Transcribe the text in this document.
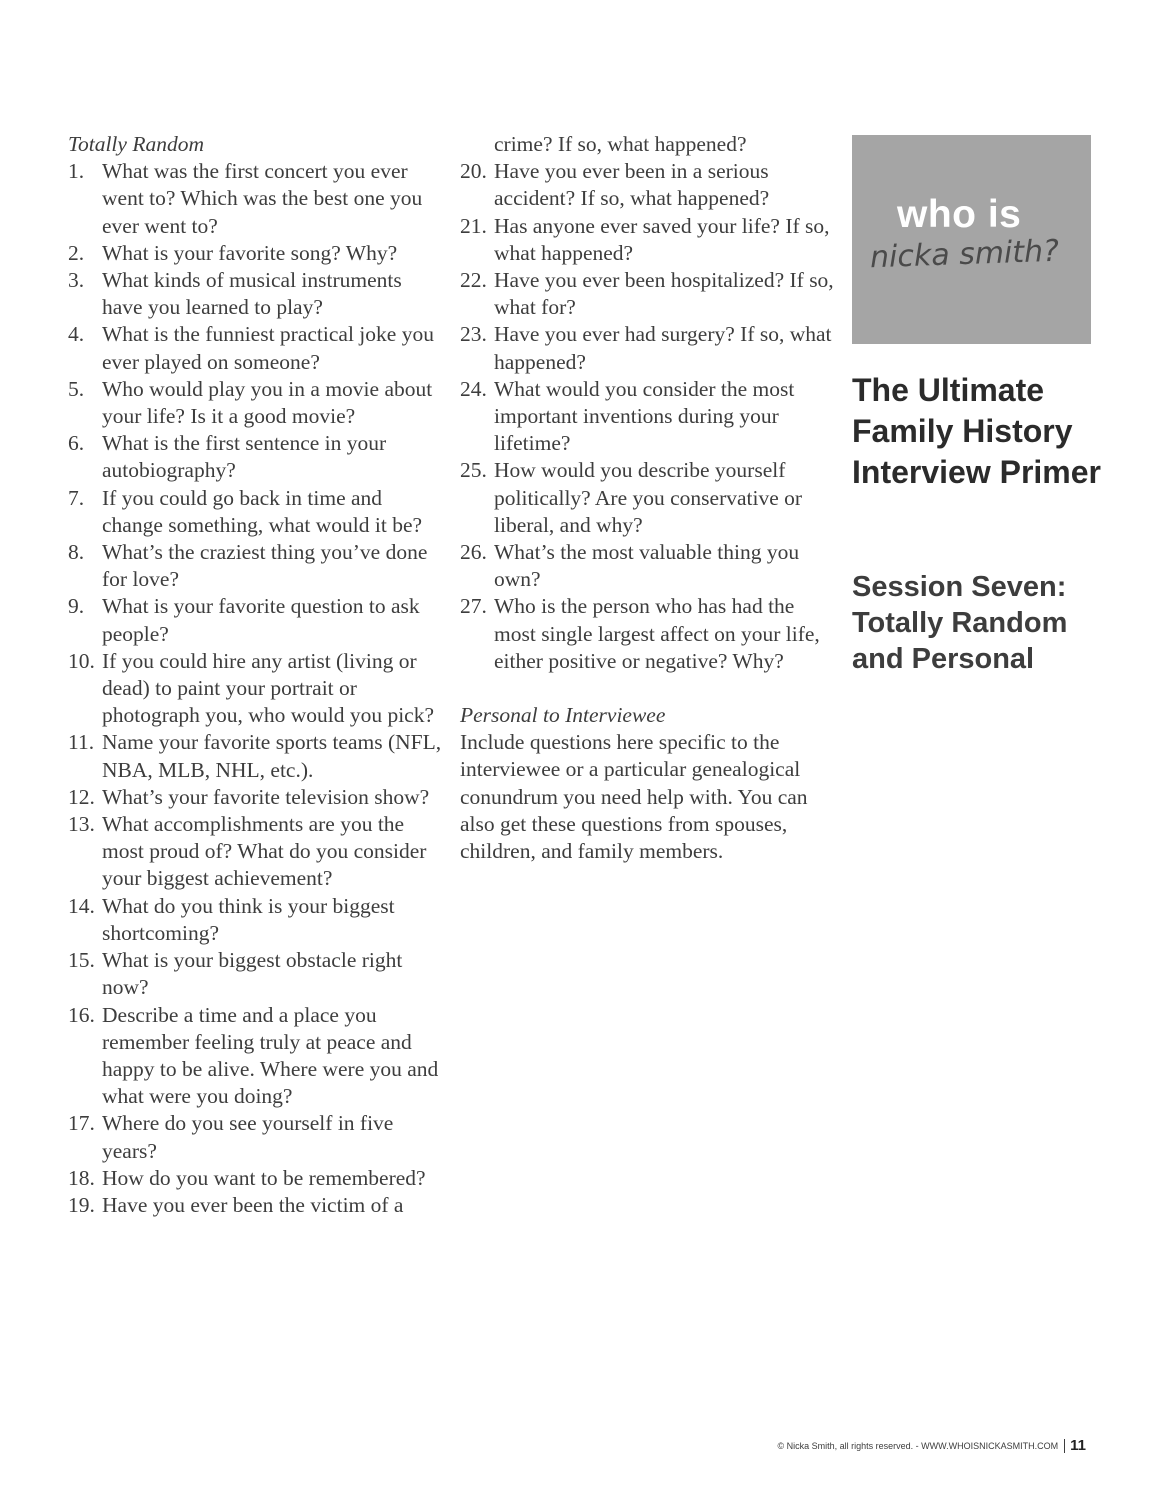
Totally Random

1. What was the first concert you ever went to? Which was the best one you ever went to?
2. What is your favorite song? Why?
3. What kinds of musical instruments have you learned to play?
4. What is the funniest practical joke you ever played on someone?
5. Who would play you in a movie about your life? Is it a good movie?
6. What is the first sentence in your autobiography?
7. If you could go back in time and change something, what would it be?
8. What’s the craziest thing you’ve done for love?
9. What is your favorite question to ask people?
10. If you could hire any artist (living or dead) to paint your portrait or photograph you, who would you pick?
11. Name your favorite sports teams (NFL, NBA, MLB, NHL, etc.).
12. What’s your favorite television show?
13. What accomplishments are you the most proud of? What do you consider your biggest achievement?
14. What do you think is your biggest shortcoming?
15. What is your biggest obstacle right now?
16. Describe a time and a place you remember feeling truly at peace and happy to be alive. Where were you and what were you doing?
17. Where do you see yourself in five years?
18. How do you want to be remembered?
19. Have you ever been the victim of a
crime? If so, what happened?
20. Have you ever been in a serious accident? If so, what happened?
21. Has anyone ever saved your life? If so, what happened?
22. Have you ever been hospitalized? If so, what for?
23. Have you ever had surgery? If so, what happened?
24. What would you consider the most important inventions during your lifetime?
25. How would you describe yourself politically? Are you conservative or liberal, and why?
26. What’s the most valuable thing you own?
27. Who is the person who has had the most single largest affect on your life, either positive or negative? Why?

Personal to Interviewee

Include questions here specific to the interviewee or a particular genealogical conundrum you need help with. You can also get these questions from spouses, children, and family members.

who is
nicka smith?
The Ultimate Family History Interview Primer
Session Seven: Totally Random and Personal
© Nicka Smith, all rights reserved. - WWW.WHOISNICKASMITH.COM 11
